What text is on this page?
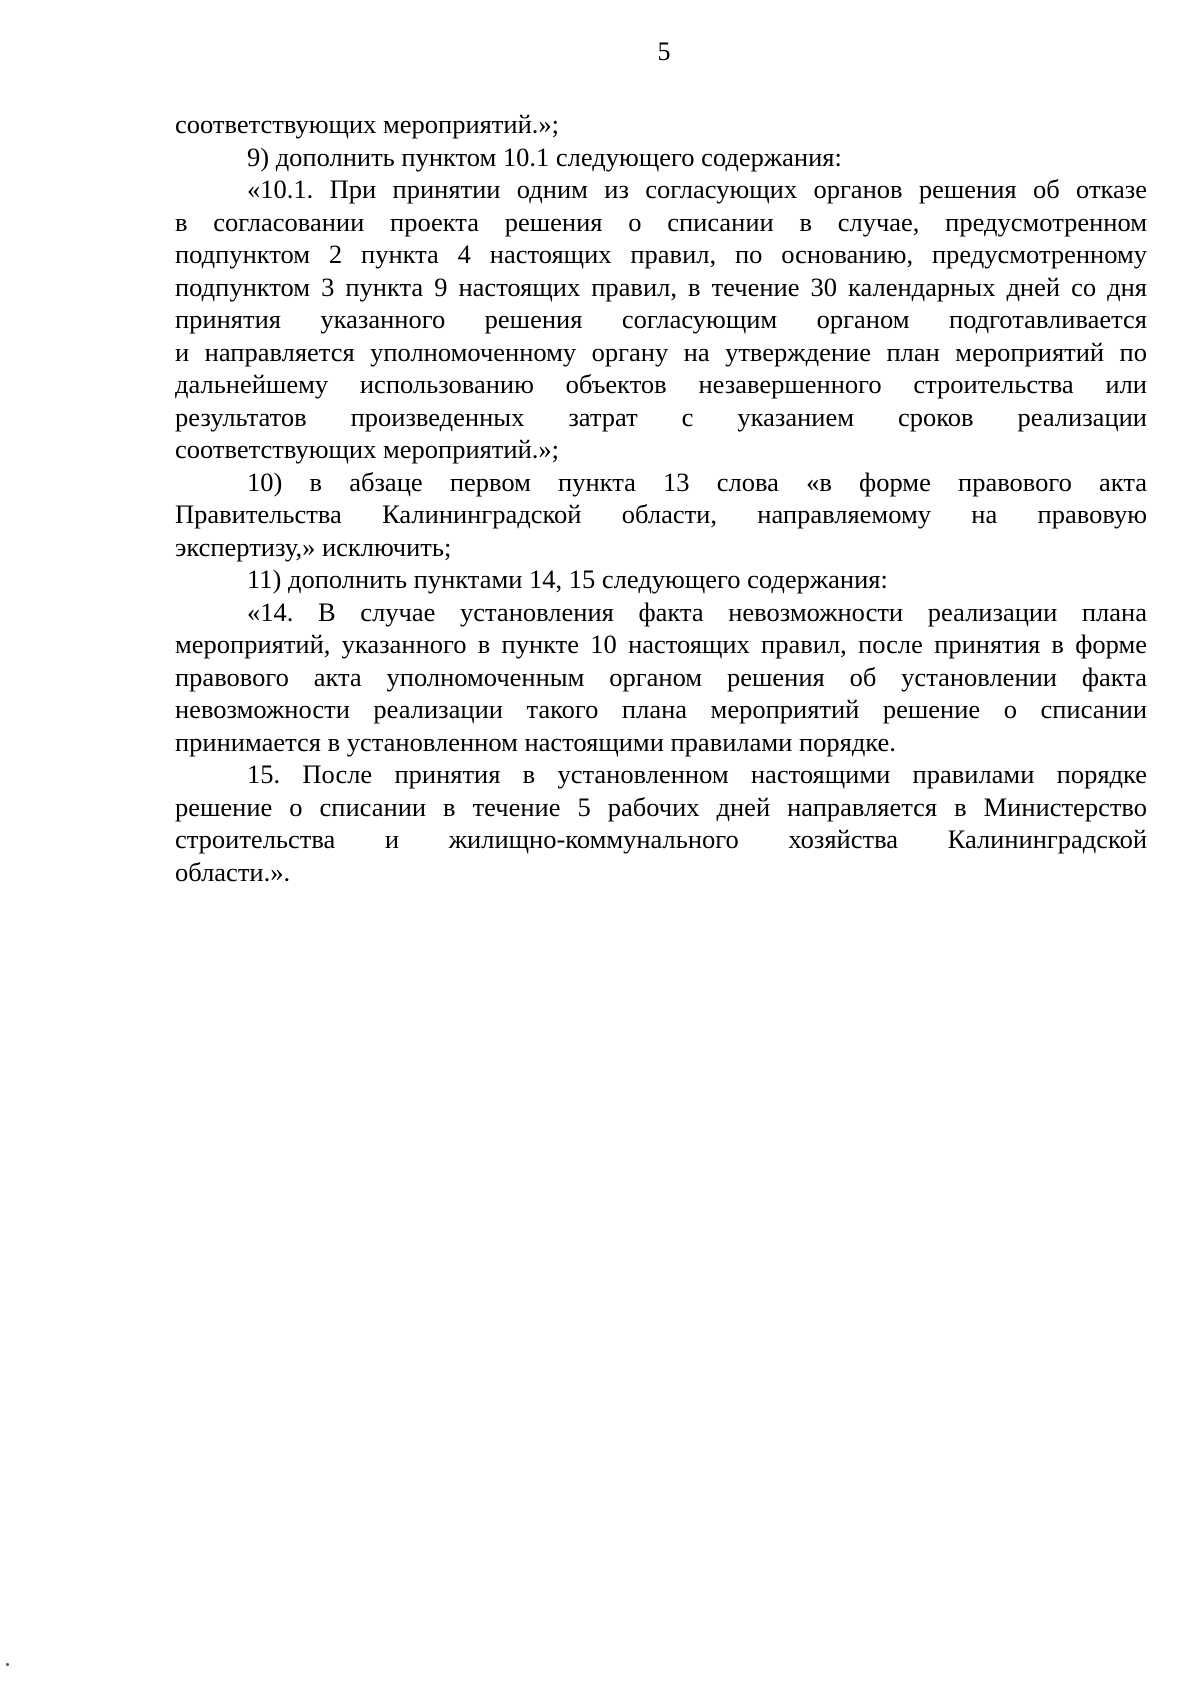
5
соответствующих мероприятий.»;
9) дополнить пунктом 10.1 следующего содержания:
«10.1. При принятии одним из согласующих органов решения об отказе
в согласовании проекта решения о списании в случае, предусмотренном
подпунктом 2 пункта 4 настоящих правил, по основанию, предусмотренному
подпунктом 3 пункта 9 настоящих правил, в течение 30 календарных дней со дня
принятия указанного решения согласующим органом подготавливается
и направляется уполномоченному органу на утверждение план мероприятий по
дальнейшему использованию объектов незавершенного строительства или
результатов произведенных затрат с указанием сроков реализации
соответствующих мероприятий.»;
10) в абзаце первом пункта 13 слова «в форме правового акта
Правительства Калининградской области, направляемому на правовую
экспертизу,» исключить;
11) дополнить пунктами 14, 15 следующего содержания:
«14. В случае установления факта невозможности реализации плана
мероприятий, указанного в пункте 10 настоящих правил, после принятия в форме
правового акта уполномоченным органом решения об установлении факта
невозможности реализации такого плана мероприятий решение о списании
принимается в установленном настоящими правилами порядке.
15. После принятия в установленном настоящими правилами порядке
решение о списании в течение 5 рабочих дней направляется в Министерство
строительства и жилищно-коммунального хозяйства Калининградской
области.».
